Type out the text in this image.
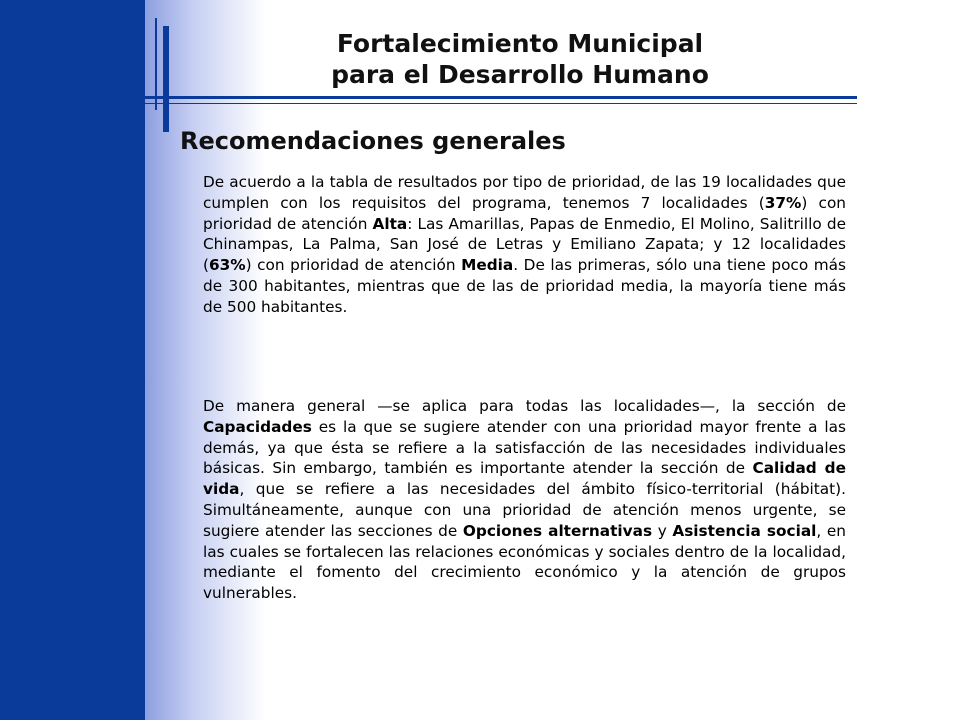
Fortalecimiento Municipal
para el Desarrollo Humano
Recomendaciones generales
De acuerdo a la tabla de resultados por tipo de prioridad, de las 19 localidades que cumplen con los requisitos del programa, tenemos 7 localidades (37%) con prioridad de atención Alta: Las Amarillas, Papas de Enmedio, El Molino, Salitrillo de Chinampas, La Palma, San José de Letras y Emiliano Zapata; y 12 localidades (63%) con prioridad de atención Media. De las primeras, sólo una tiene poco más de 300 habitantes, mientras que de las de prioridad media, la mayoría tiene más de 500 habitantes.
De manera general —se aplica para todas las localidades—, la sección de Capacidades es la que se sugiere atender con una prioridad mayor frente a las demás, ya que ésta se refiere a la satisfacción de las necesidades individuales básicas. Sin embargo, también es importante atender la sección de Calidad de vida, que se refiere a las necesidades del ámbito físico-territorial (hábitat). Simultáneamente, aunque con una prioridad de atención menos urgente, se sugiere atender las secciones de Opciones alternativas y Asistencia social, en las cuales se fortalecen las relaciones económicas y sociales dentro de la localidad, mediante el fomento del crecimiento económico y la atención de grupos vulnerables.
